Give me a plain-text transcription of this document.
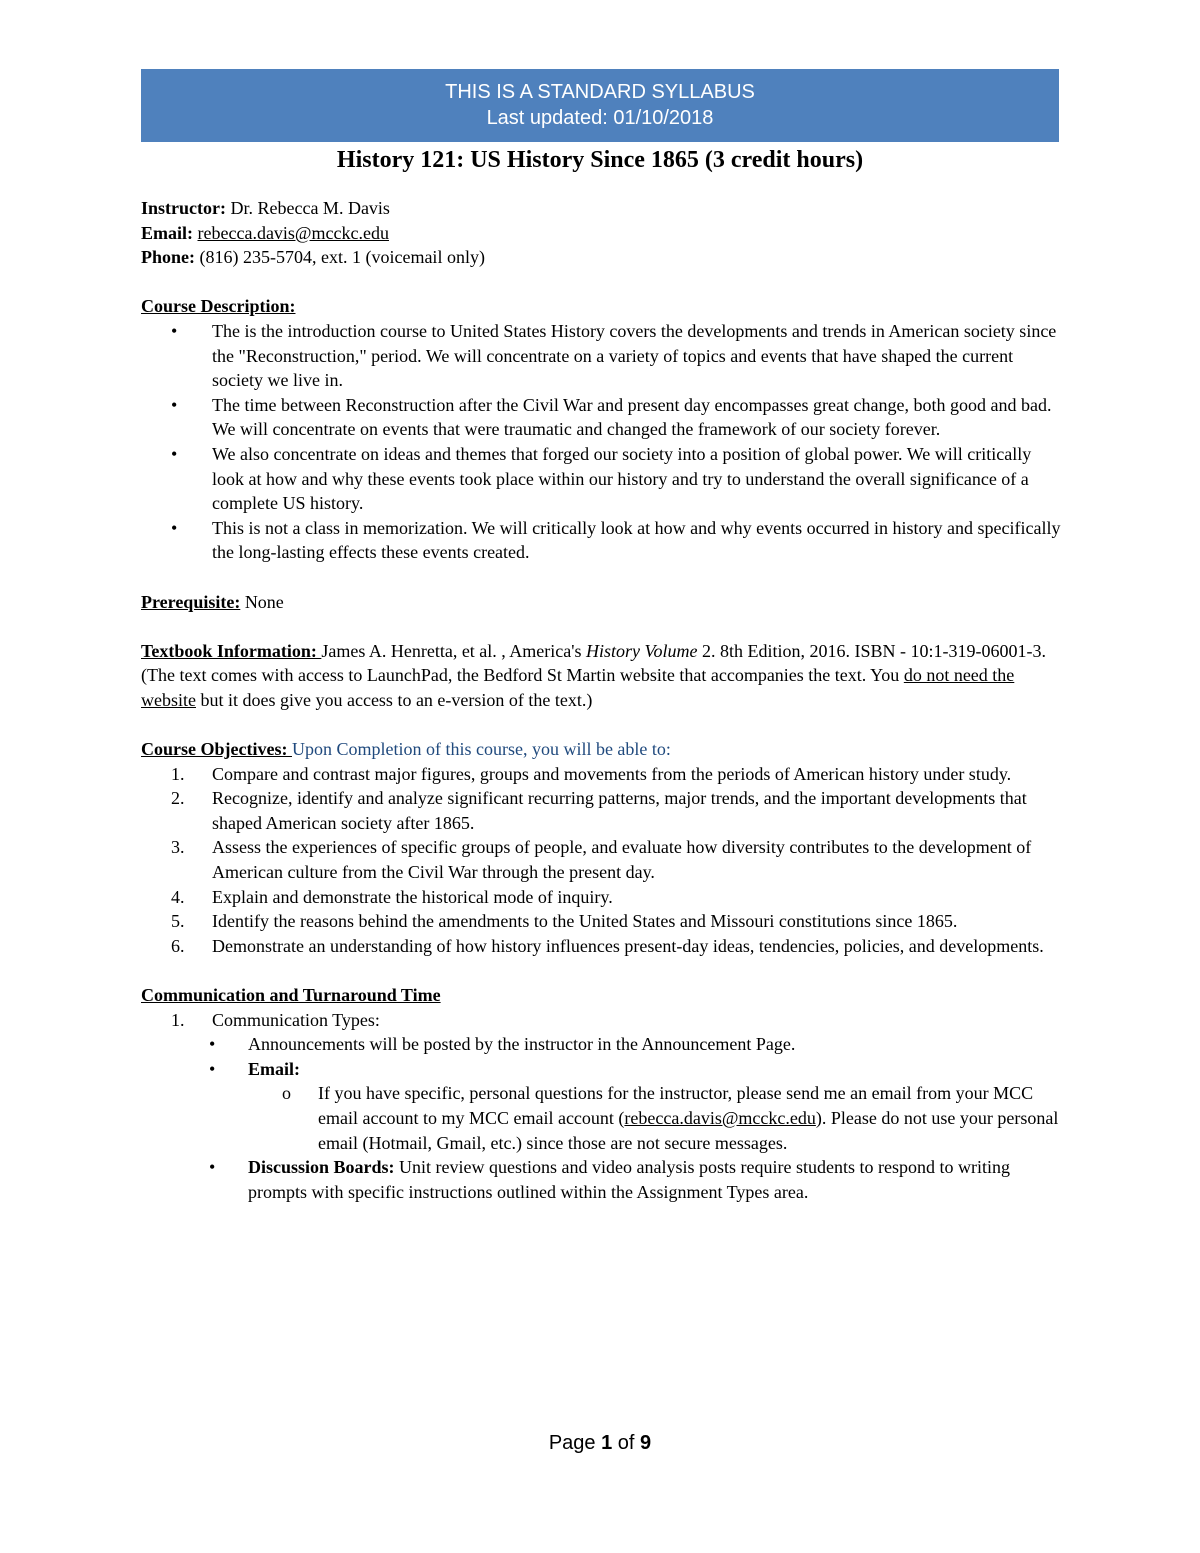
THIS IS A STANDARD SYLLABUS
Last updated: 01/10/2018
History 121: US History Since 1865 (3 credit hours)

Instructor: Dr. Rebecca M. Davis

Email: rebecca.davis@mcckc.edu

Phone: (816) 235-5704, ext. 1 (voicemail only)

Course Description:

•	The is the introduction course to United States History covers the developments and trends in American society since the "Reconstruction," period. We will concentrate on a variety of topics and events that have shaped the current society we live in.
•	The time between Reconstruction after the Civil War and present day encompasses great change, both good and bad. We will concentrate on events that were traumatic and changed the framework of our society forever.
•	We also concentrate on ideas and themes that forged our society into a position of global power. We will critically look at how and why these events took place within our history and try to understand the overall significance of a complete US history.
•	This is not a class in memorization. We will critically look at how and why events occurred in history and specifically the long-lasting effects these events created.

Prerequisite: None

Textbook Information: James A. Henretta, et al. , America's History Volume 2. 8th Edition, 2016. ISBN - 10:1-319-06001-3. (The text comes with access to LaunchPad, the Bedford St Martin website that accompanies the text. You do not need the website but it does give you access to an e-version of the text.)

Course Objectives: Upon Completion of this course, you will be able to:

1.	Compare and contrast major figures, groups and movements from the periods of American history under study.
2.	Recognize, identify and analyze significant recurring patterns, major trends, and the important developments that shaped American society after 1865.
3.	Assess the experiences of specific groups of people, and evaluate how diversity contributes to the development of American culture from the Civil War through the present day.
4.	Explain and demonstrate the historical mode of inquiry.
5.	Identify the reasons behind the amendments to the United States and Missouri constitutions since 1865.
6.	Demonstrate an understanding of how history influences present-day ideas, tendencies, policies, and developments.

Communication and Turnaround Time

1.	Communication Types:
• Announcements will be posted by the instructor in the Announcement Page.
• Email:
o If you have specific, personal questions for the instructor, please send me an email from your MCC email account to my MCC email account (rebecca.davis@mcckc.edu). Please do not use your personal email (Hotmail, Gmail, etc.) since those are not secure messages.
• Discussion Boards: Unit review questions and video analysis posts require students to respond to writing prompts with specific instructions outlined within the Assignment Types area.
Page 1 of 9
